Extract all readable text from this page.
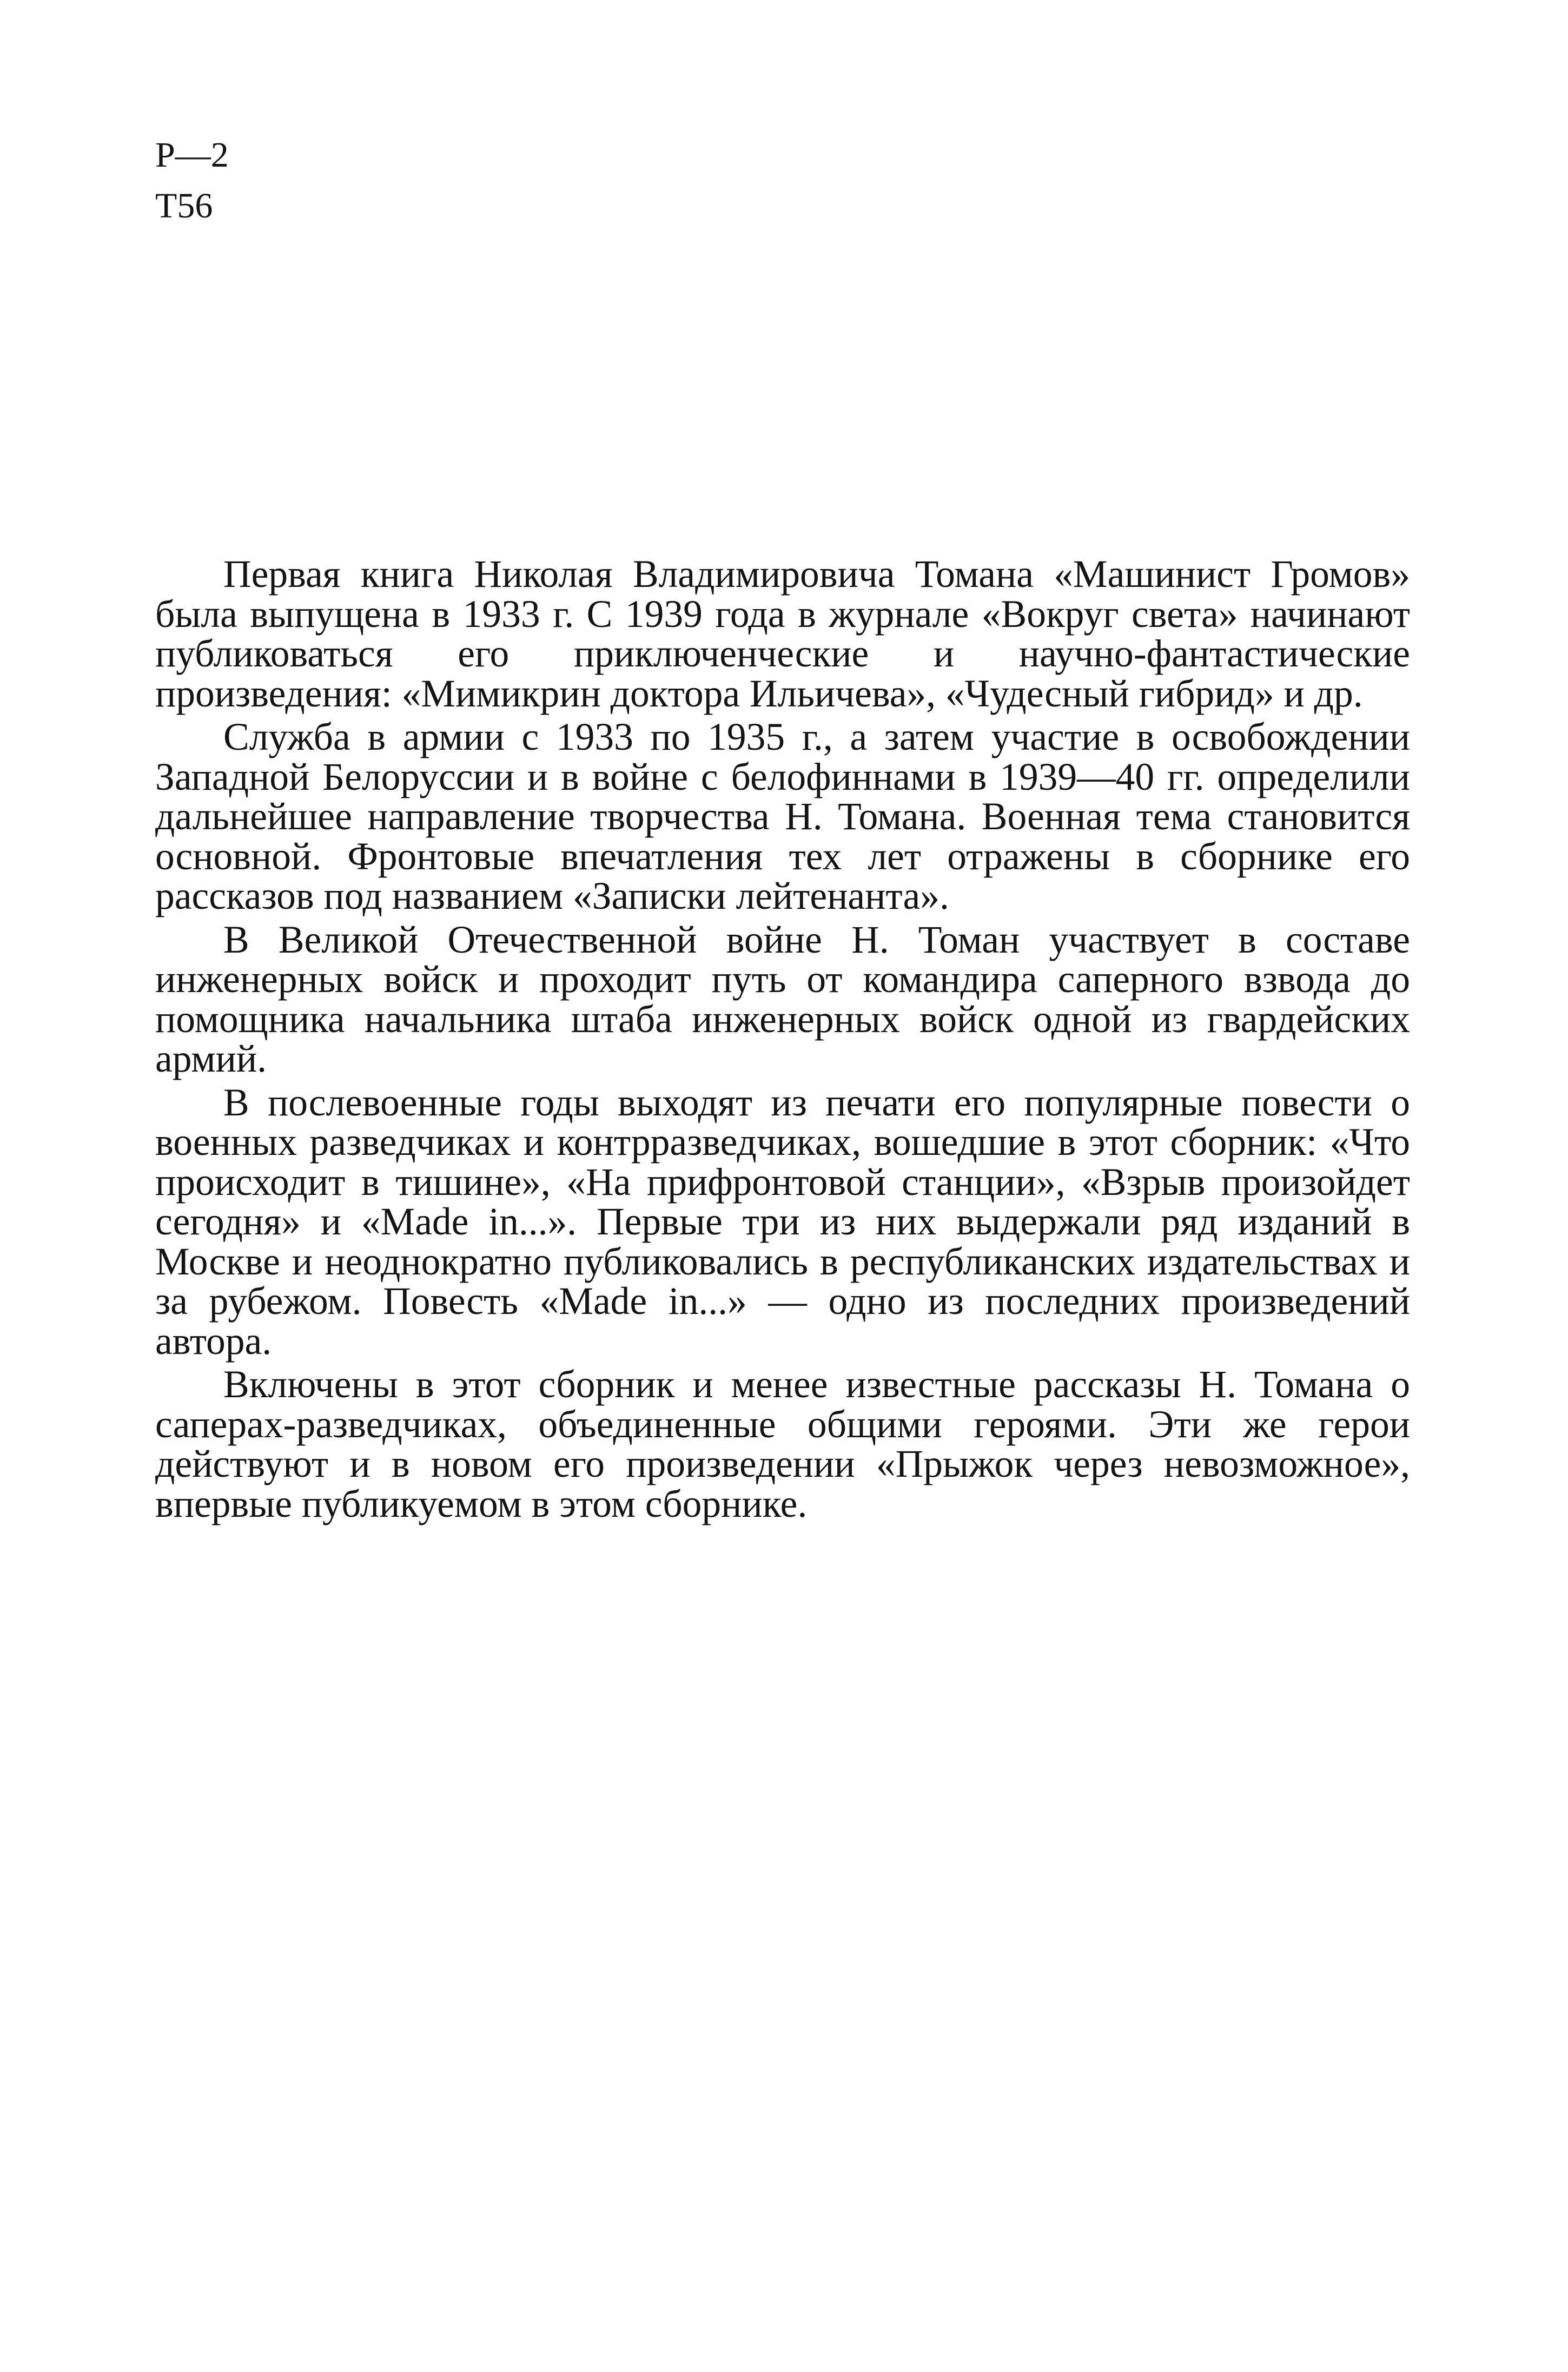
Р—2
Т56

Первая книга Николая Владимировича Томана «Машинист Громов» была выпущена в 1933 г. С 1939 года в журнале «Вокруг света» начинают публиковаться его приключенческие и научно-фантастические произведения: «Мимикрин доктора Ильичева», «Чудесный гибрид» и др.

Служба в армии с 1933 по 1935 г., а затем участие в освобождении Западной Белоруссии и в войне с белофиннами в 1939—40 гг. определили дальнейшее направление творчества Н. Томана. Военная тема становится основной. Фронтовые впечатления тех лет отражены в сборнике его рассказов под названием «Записки лейтенанта».

В Великой Отечественной войне Н. Томан участвует в составе инженерных войск и проходит путь от командира саперного взвода до помощника начальника штаба инженерных войск одной из гвардейских армий.

В послевоенные годы выходят из печати его популярные повести о военных разведчиках и контрразведчиках, вошедшие в этот сборник: «Что происходит в тишине», «На прифронтовой станции», «Взрыв произойдет сегодня» и «Made in...». Первые три из них выдержали ряд изданий в Москве и неоднократно публиковались в республиканских издательствах и за рубежом. Повесть «Made in...» — одно из последних произведений автора.

Включены в этот сборник и менее известные рассказы Н. Томана о саперах-разведчиках, объединенные общими героями. Эти же герои действуют и в новом его произведении «Прыжок через невозможное», впервые публикуемом в этом сборнике.
